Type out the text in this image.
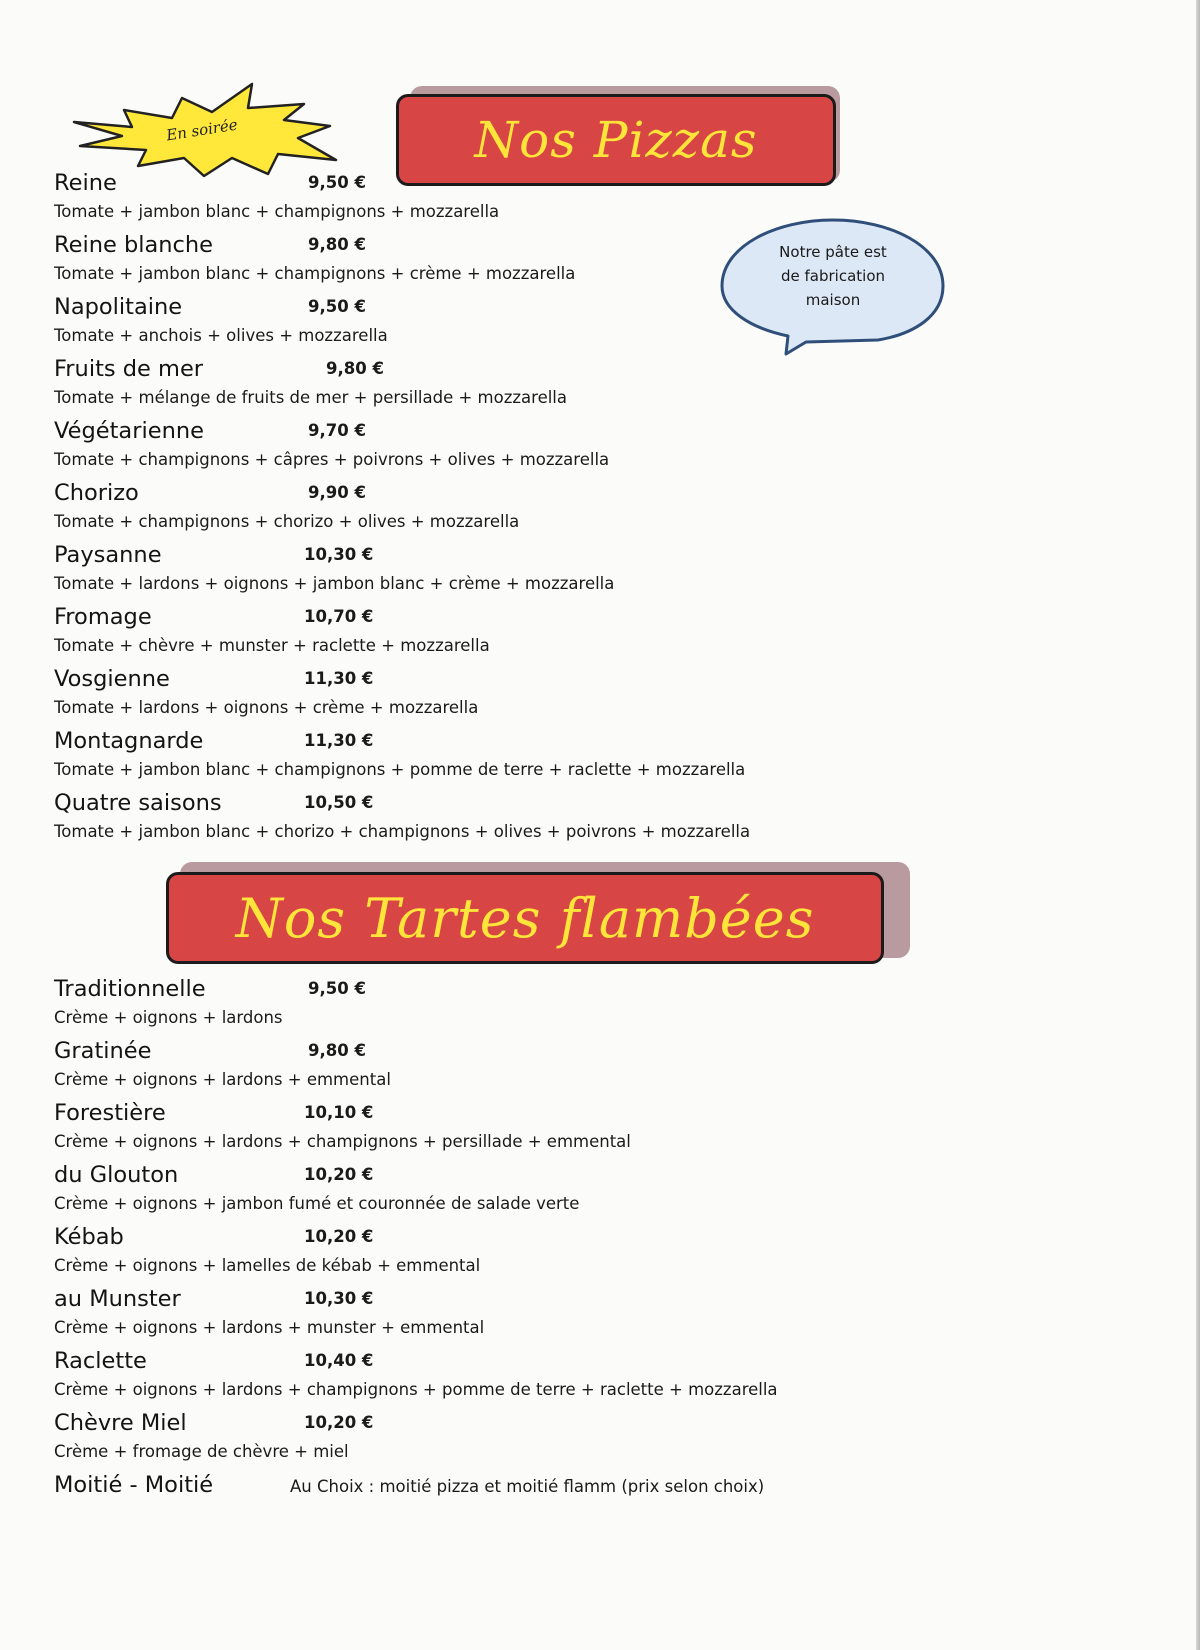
En soirée	Nos Pizzas
Notre pâte est
de fabrication
maison
Reine	9,50 €
Tomate + jambon blanc + champignons + mozzarella
Reine blanche	9,80 €
Tomate + jambon blanc + champignons + crème + mozzarella
Napolitaine	9,50 €
Tomate + anchois + olives + mozzarella
Fruits de mer	9,80 €
Tomate + mélange de fruits de mer + persillade + mozzarella
Végétarienne	9,70 €
Tomate + champignons + câpres + poivrons + olives + mozzarella
Chorizo	9,90 €
Tomate + champignons + chorizo + olives + mozzarella
Paysanne	10,30 €
Tomate + lardons + oignons + jambon blanc + crème + mozzarella
Fromage	10,70 €
Tomate + chèvre + munster + raclette + mozzarella
Vosgienne	11,30 €
Tomate + lardons + oignons + crème + mozzarella
Montagnarde	11,30 €
Tomate + jambon blanc + champignons + pomme de terre + raclette + mozzarella
Quatre saisons	10,50 €
Tomate + jambon blanc + chorizo + champignons + olives + poivrons + mozzarella
Nos Tartes flambées
Traditionnelle	9,50 €
Crème + oignons + lardons
Gratinée	9,80 €
Crème + oignons + lardons + emmental
Forestière	10,10 €
Crème + oignons + lardons + champignons + persillade + emmental
du Glouton	10,20 €
Crème + oignons + jambon fumé et couronnée de salade verte
Kébab	10,20 €
Crème + oignons + lamelles de kébab + emmental
au Munster	10,30 €
Crème + oignons + lardons + munster + emmental
Raclette	10,40 €
Crème + oignons + lardons + champignons + pomme de terre + raclette + mozzarella
Chèvre Miel	10,20 €
Crème + fromage de chèvre + miel
Moitié - Moitié	Au Choix : moitié pizza et moitié flamm (prix selon choix)
